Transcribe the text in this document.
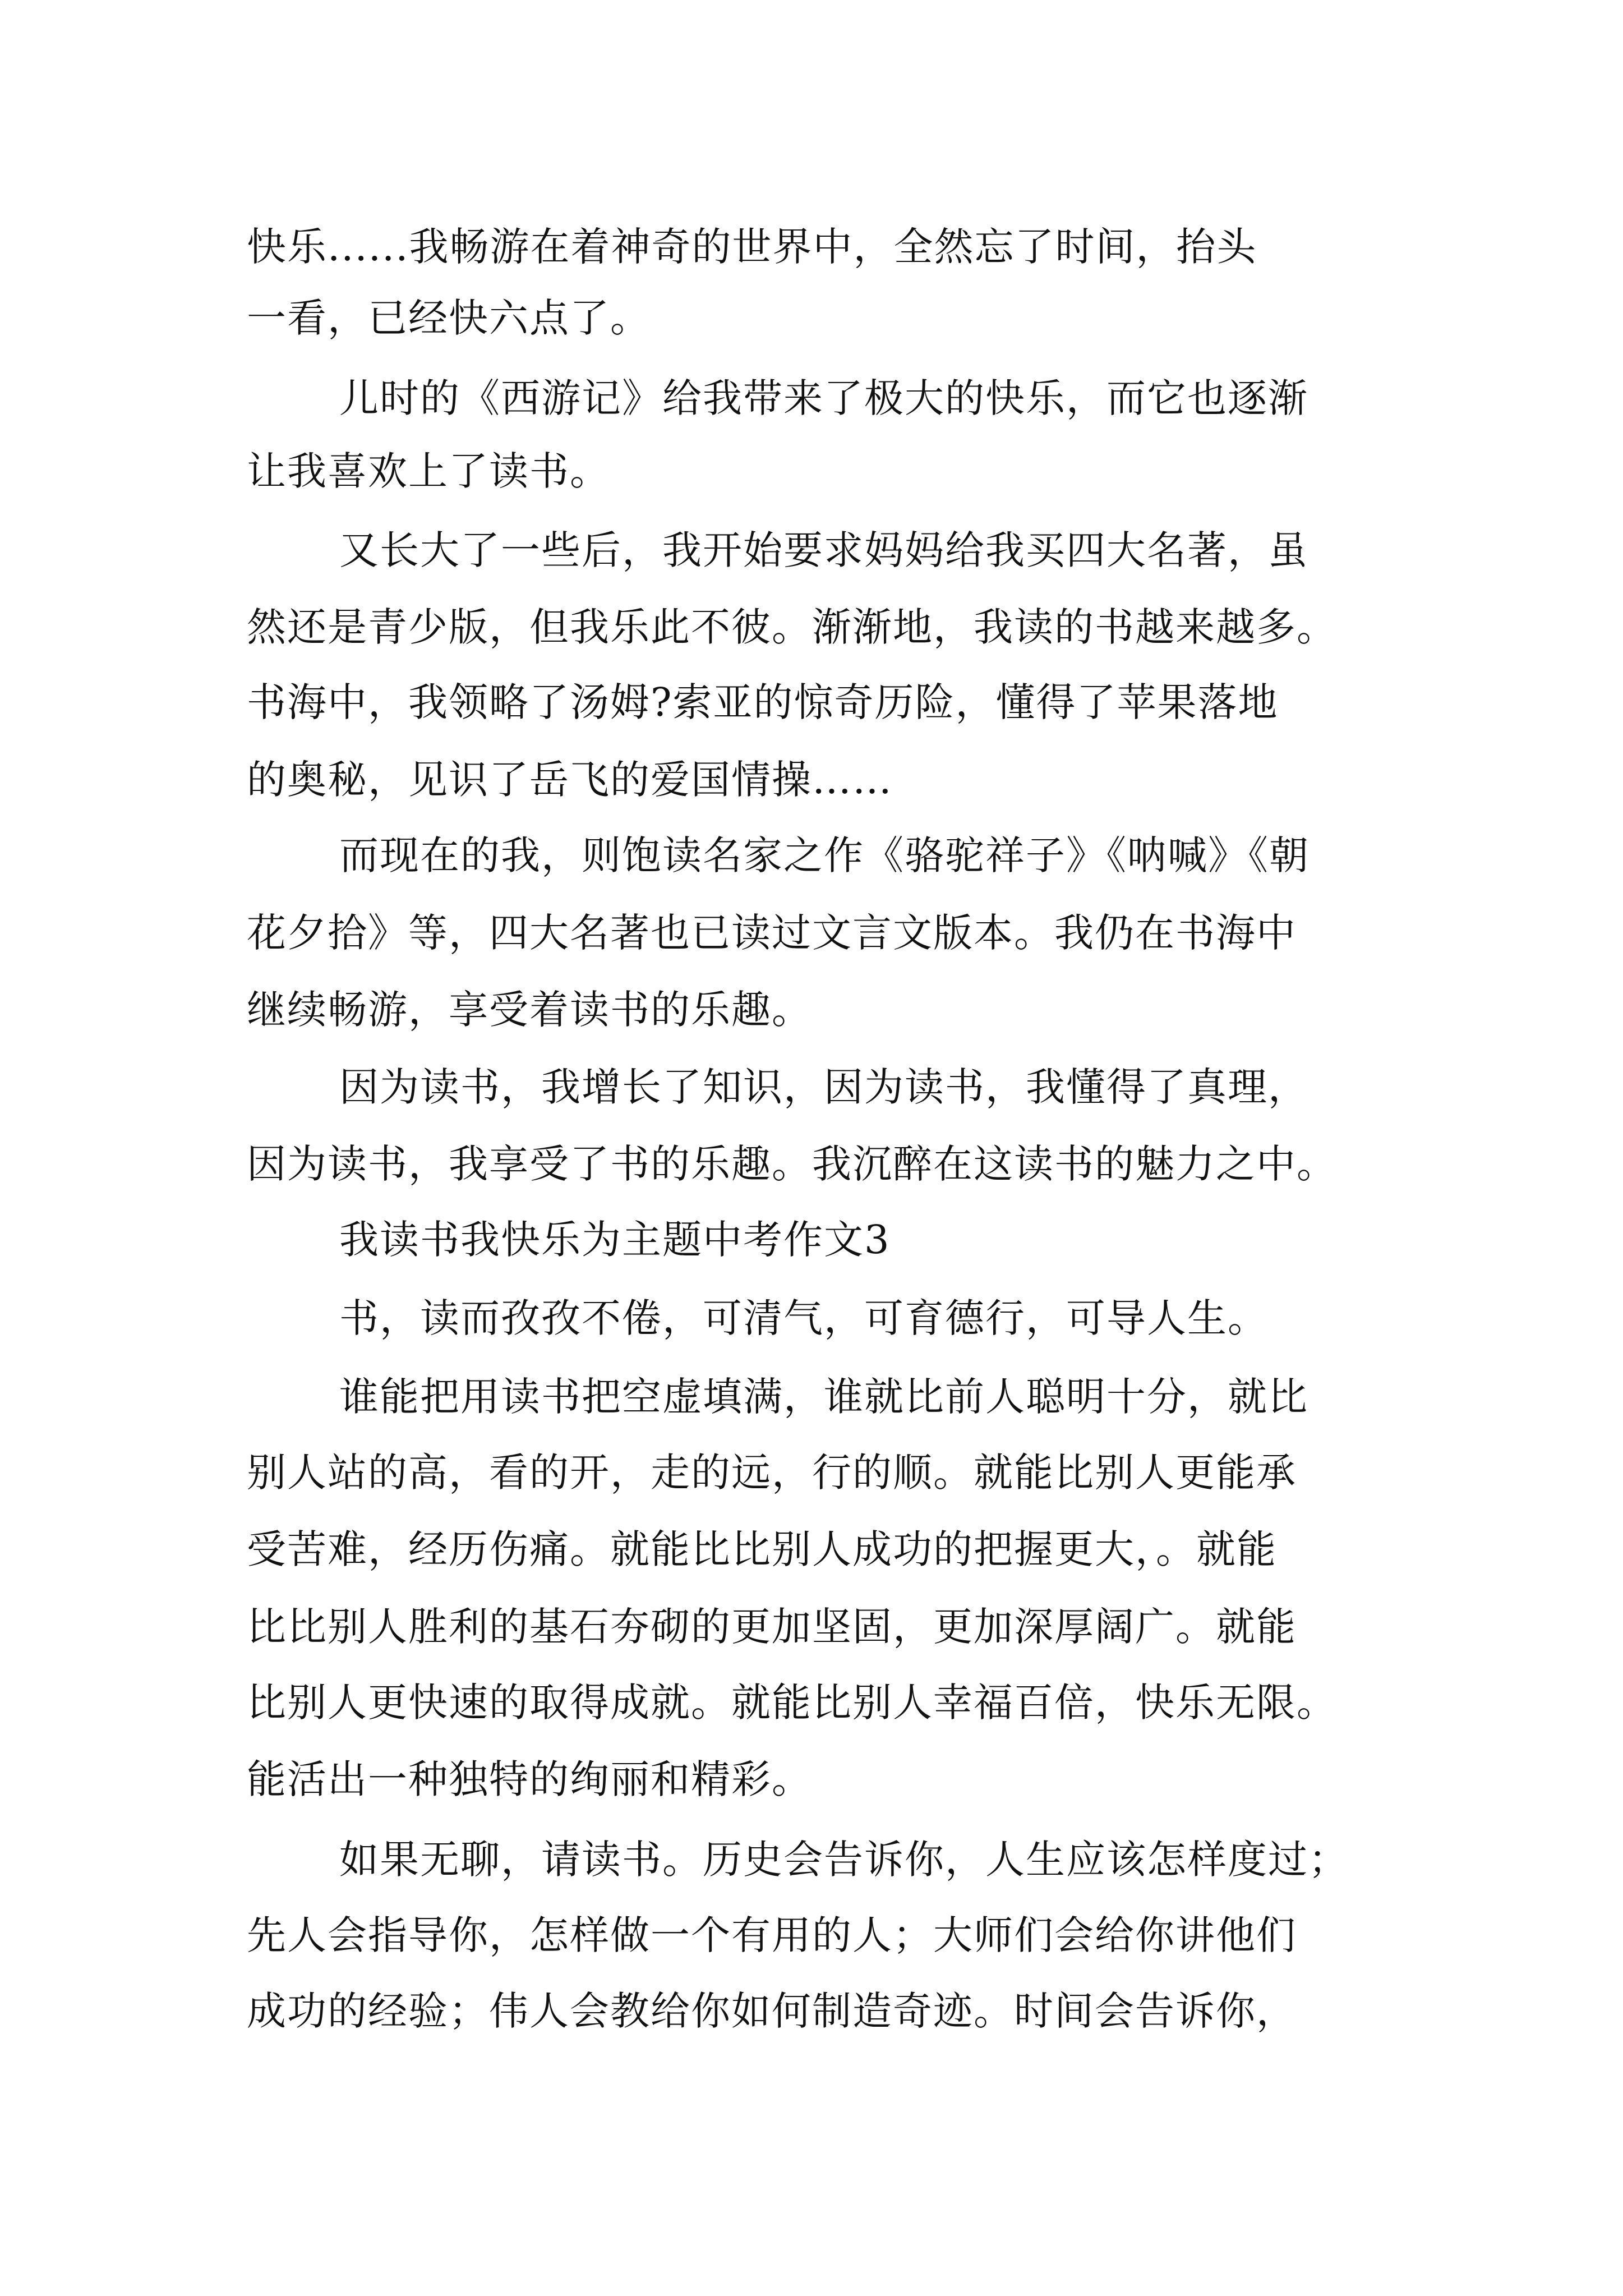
快乐......我畅游在着神奇的世界中，全然忘了时间，抬头
一看，已经快六点了。
儿时的《西游记》给我带来了极大的快乐，而它也逐渐
让我喜欢上了读书。
又长大了一些后，我开始要求妈妈给我买四大名著，虽
然还是青少版，但我乐此不彼。渐渐地，我读的书越来越多。
书海中，我领略了汤姆?索亚的惊奇历险，懂得了苹果落地
的奥秘，见识了岳飞的爱国情操……
而现在的我，则饱读名家之作《骆驼祥子》《呐喊》《朝
花夕拾》等，四大名著也已读过文言文版本。我仍在书海中
继续畅游，享受着读书的乐趣。
因为读书，我增长了知识，因为读书，我懂得了真理，
因为读书，我享受了书的乐趣。我沉醉在这读书的魅力之中。
我读书我快乐为主题中考作文3
书，读而孜孜不倦，可清气，可育德行，可导人生。
谁能把用读书把空虚填满，谁就比前人聪明十分，就比
别人站的高，看的开，走的远，行的顺。就能比别人更能承
受苦难，经历伤痛。就能比比别人成功的把握更大，。就能
比比别人胜利的基石夯砌的更加坚固，更加深厚阔广。就能
比别人更快速的取得成就。就能比别人幸福百倍，快乐无限。
能活出一种独特的绚丽和精彩。
如果无聊，请读书。历史会告诉你，人生应该怎样度过；
先人会指导你，怎样做一个有用的人；大师们会给你讲他们
成功的经验；伟人会教给你如何制造奇迹。时间会告诉你，
